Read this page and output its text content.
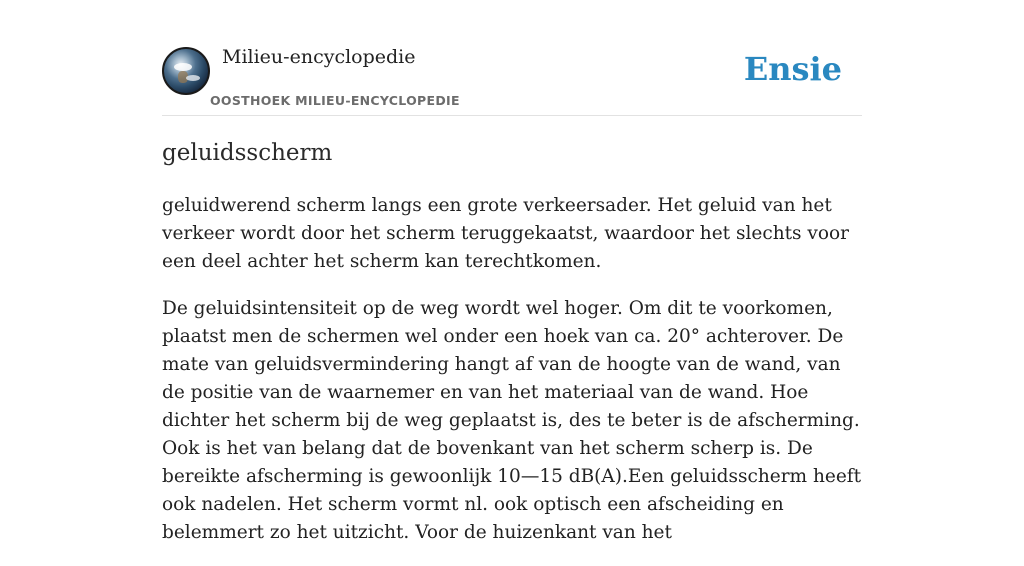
Milieu-encyclopedie
OOSTHOEK MILIEU-ENCYCLOPEDIE
Ensie
geluidsscherm

geluidwerend scherm langs een grote verkeersader. Het geluid van het verkeer wordt door het scherm teruggekaatst, waardoor het slechts voor een deel achter het scherm kan terechtkomen.

De geluidsintensiteit op de weg wordt wel hoger. Om dit te voorkomen, plaatst men de schermen wel onder een hoek van ca. 20° achterover. De mate van geluidsvermindering hangt af van de hoogte van de wand, van de positie van de waarnemer en van het materiaal van de wand. Hoe dichter het scherm bij de weg geplaatst is, des te beter is de afscherming. Ook is het van belang dat de bovenkant van het scherm scherp is. De bereikte afscherming is gewoonlijk 10—15 dB(A).Een geluidsscherm heeft ook nadelen. Het scherm vormt nl. ook optisch een afscheiding en belemmert zo het uitzicht. Voor de huizenkant van het
